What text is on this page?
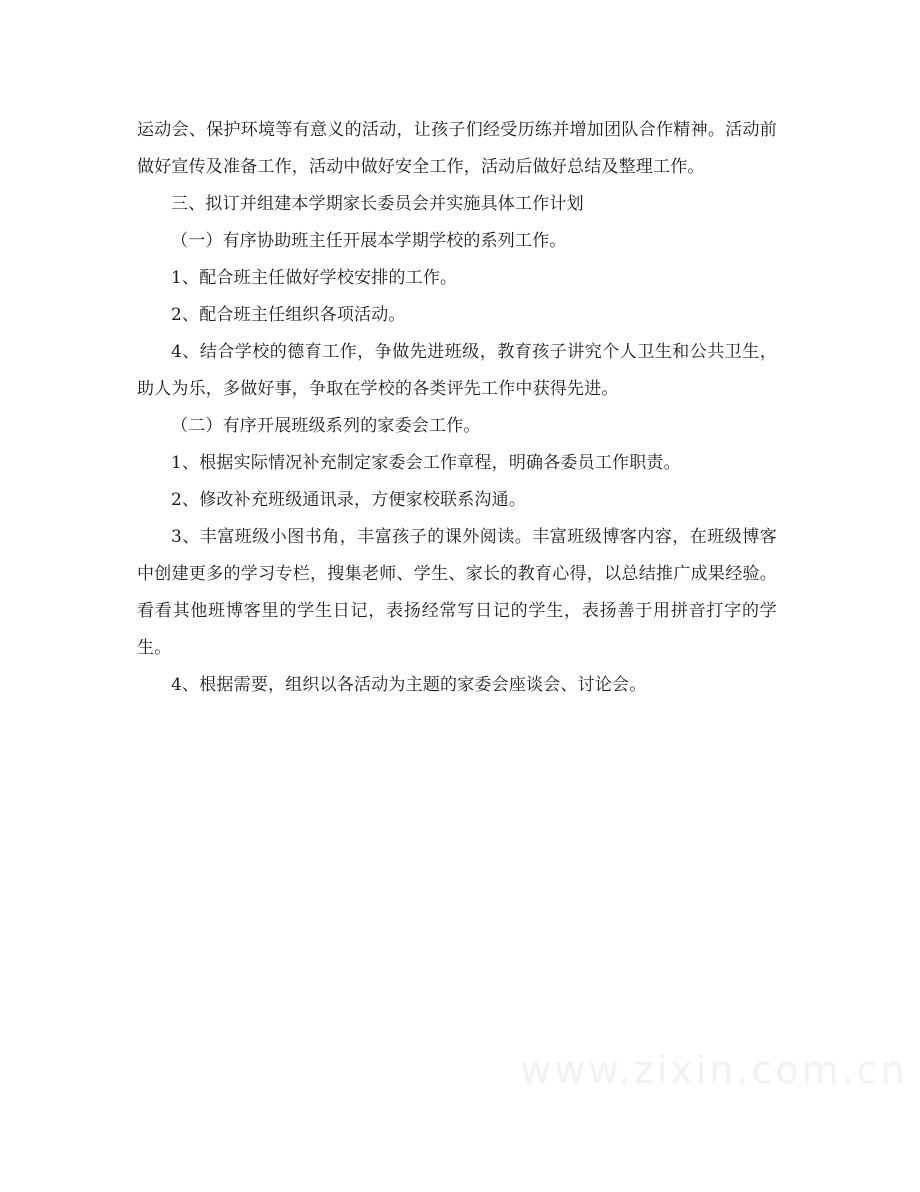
运动会、保护环境等有意义的活动，让孩子们经受历练并增加团队合作精神。活动前做好宣传及准备工作，活动中做好安全工作，活动后做好总结及整理工作。

三、拟订并组建本学期家长委员会并实施具体工作计划

（一）有序协助班主任开展本学期学校的系列工作。

1、配合班主任做好学校安排的工作。

2、配合班主任组织各项活动。

4、结合学校的德育工作，争做先进班级，教育孩子讲究个人卫生和公共卫生，助人为乐，多做好事，争取在学校的各类评先工作中获得先进。

（二）有序开展班级系列的家委会工作。

1、根据实际情况补充制定家委会工作章程，明确各委员工作职责。

2、修改补充班级通讯录，方便家校联系沟通。

3、丰富班级小图书角，丰富孩子的课外阅读。丰富班级博客内容，在班级博客中创建更多的学习专栏，搜集老师、学生、家长的教育心得，以总结推广成果经验。看看其他班博客里的学生日记，表扬经常写日记的学生，表扬善于用拼音打字的学生。

4、根据需要，组织以各活动为主题的家委会座谈会、讨论会。

www.zixin.com.cn
